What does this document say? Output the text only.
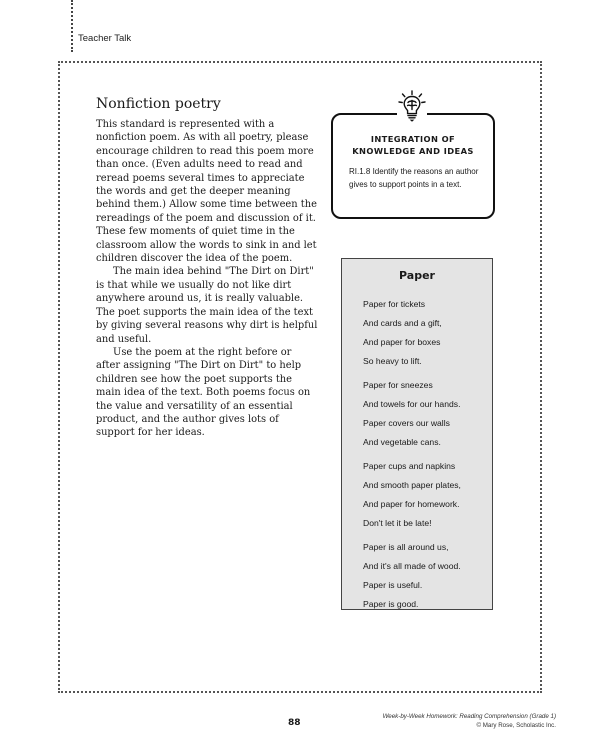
Teacher Talk
Nonfiction poetry

This standard is represented with a nonfiction poem. As with all poetry, please encourage children to read this poem more than once. (Even adults need to read and reread poems several times to appreciate the words and get the deeper meaning behind them.) Allow some time between the rereadings of the poem and discussion of it. These few moments of quiet time in the classroom allow the words to sink in and let children discover the idea of the poem.

The main idea behind "The Dirt on Dirt" is that while we usually do not like dirt anywhere around us, it is really valuable. The poet supports the main idea of the text by giving several reasons why dirt is helpful and useful.

Use the poem at the right before or after assigning "The Dirt on Dirt" to help children see how the poet supports the main idea of the text. Both poems focus on the value and versatility of an essential product, and the author gives lots of support for her ideas.

INTEGRATION OF
KNOWLEDGE AND IDEAS
RI.1.8 Identify the reasons an author gives to support points in a text.
Paper
Paper for tickets
And cards and a gift,
And paper for boxes
So heavy to lift.
Paper for sneezes
And towels for our hands.
Paper covers our walls
And vegetable cans.
Paper cups and napkins
And smooth paper plates,
And paper for homework.
Don't let it be late!
Paper is all around us,
And it's all made of wood.
Paper is useful.
Paper is good.
88
Week-by-Week Homework: Reading Comprehension (Grade 1)
© Mary Rose, Scholastic Inc.
